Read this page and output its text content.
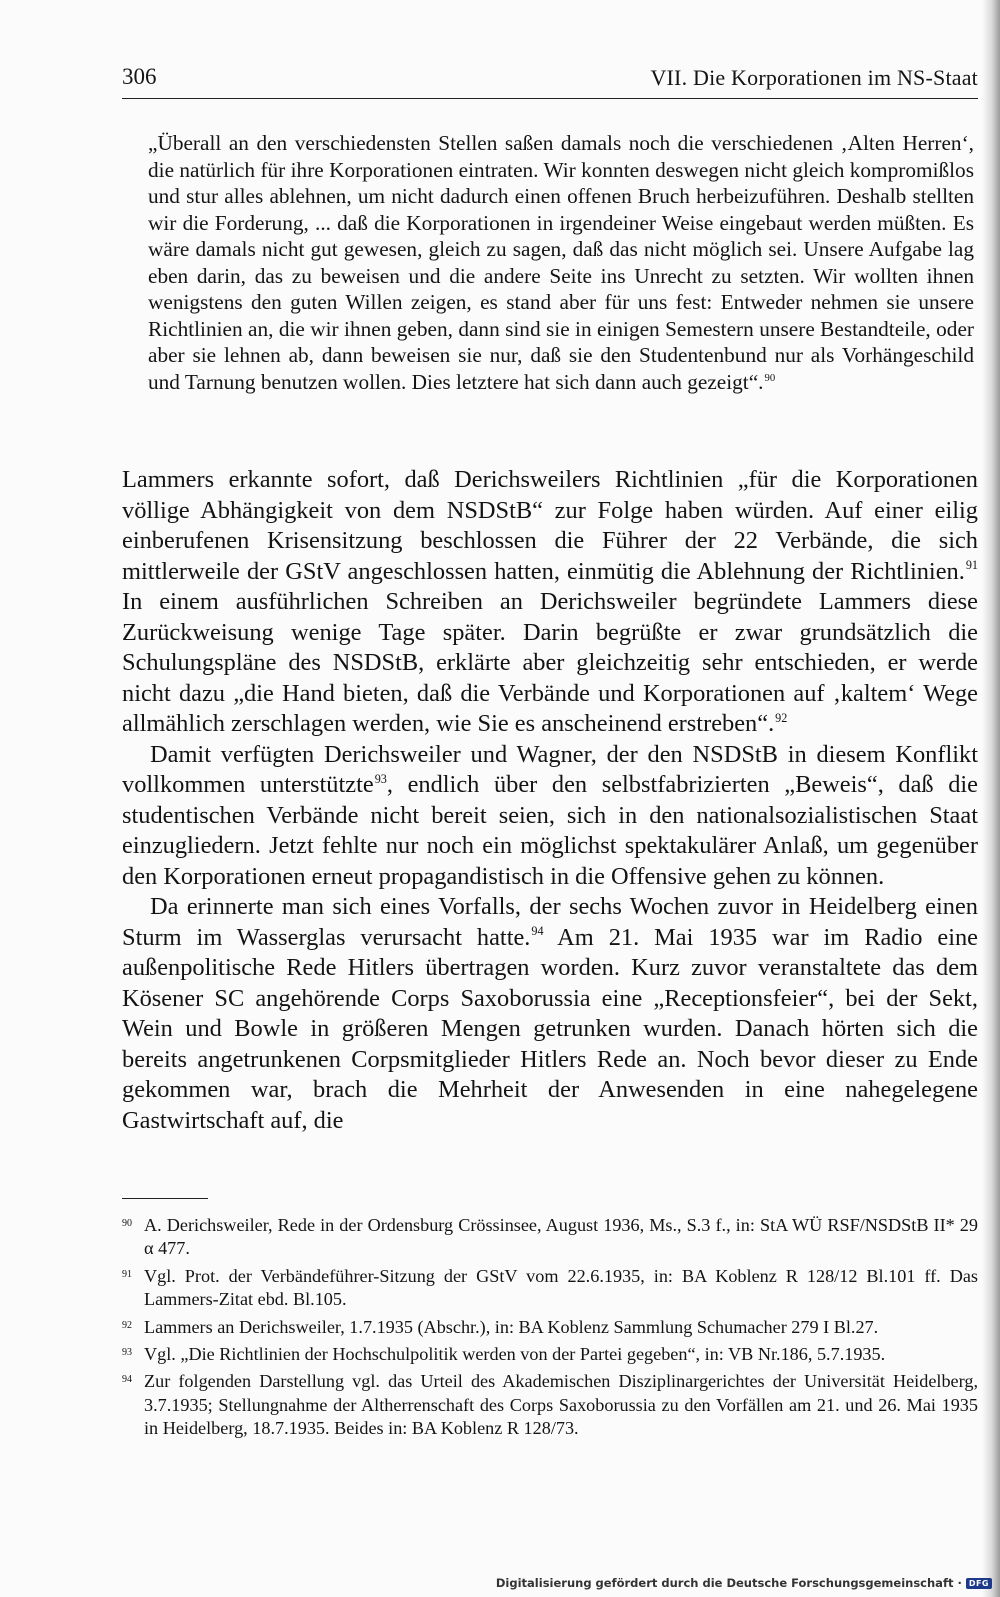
306	VII. Die Korporationen im NS-Staat

„Überall an den verschiedensten Stellen saßen damals noch die verschiedenen ‚Alten Herren‘, die natürlich für ihre Korporationen eintraten. Wir konnten deswegen nicht gleich kompromißlos und stur alles ablehnen, um nicht dadurch einen offenen Bruch herbeizuführen. Deshalb stellten wir die Forderung, ... daß die Korporationen in irgendeiner Weise eingebaut werden müßten. Es wäre damals nicht gut gewesen, gleich zu sagen, daß das nicht möglich sei. Unsere Aufgabe lag eben darin, das zu beweisen und die andere Seite ins Unrecht zu setzten. Wir wollten ihnen wenigstens den guten Willen zeigen, es stand aber für uns fest: Entweder nehmen sie unsere Richtlinien an, die wir ihnen geben, dann sind sie in einigen Semestern unsere Bestandteile, oder aber sie lehnen ab, dann beweisen sie nur, daß sie den Studentenbund nur als Vorhängeschild und Tarnung benutzen wollen. Dies letztere hat sich dann auch gezeigt“.$^{90}$

Lammers erkannte sofort, daß Derichsweilers Richtlinien „für die Korporationen völlige Abhängigkeit von dem NSDStB“ zur Folge haben würden. Auf einer eilig einberufenen Krisensitzung beschlossen die Führer der 22 Verbände, die sich mittlerweile der GStV angeschlossen hatten, einmütig die Ablehnung der Richtlinien.$^{91}$ In einem ausführlichen Schreiben an Derichsweiler begründete Lammers diese Zurückweisung wenige Tage später. Darin begrüßte er zwar grundsätzlich die Schulungspläne des NSDStB, erklärte aber gleichzeitig sehr entschieden, er werde nicht dazu „die Hand bieten, daß die Verbände und Korporationen auf ‚kaltem‘ Wege allmählich zerschlagen werden, wie Sie es anscheinend erstreben“.$^{92}$

Damit verfügten Derichsweiler und Wagner, der den NSDStB in diesem Konflikt vollkommen unterstützte$^{93}$, endlich über den selbstfabrizierten „Beweis“, daß die studentischen Verbände nicht bereit seien, sich in den nationalsozialistischen Staat einzugliedern. Jetzt fehlte nur noch ein möglichst spektakulärer Anlaß, um gegenüber den Korporationen erneut propagandistisch in die Offensive gehen zu können.

Da erinnerte man sich eines Vorfalls, der sechs Wochen zuvor in Heidelberg einen Sturm im Wasserglas verursacht hatte.$^{94}$ Am 21. Mai 1935 war im Radio eine außenpolitische Rede Hitlers übertragen worden. Kurz zuvor veranstaltete das dem Kösener SC angehörende Corps Saxoborussia eine „Receptionsfeier“, bei der Sekt, Wein und Bowle in größeren Mengen getrunken wurden. Danach hörten sich die bereits angetrunkenen Corpsmitglieder Hitlers Rede an. Noch bevor dieser zu Ende gekommen war, brach die Mehrheit der Anwesenden in eine nahegelegene Gastwirtschaft auf, die

90 A. Derichsweiler, Rede in der Ordensburg Crössinsee, August 1936, Ms., S.3 f., in: StA WÜ RSF/NSDStB II* 29 α 477.
91 Vgl. Prot. der Verbändeführer-Sitzung der GStV vom 22.6.1935, in: BA Koblenz R 128/12 Bl.101 ff. Das Lammers-Zitat ebd. Bl.105.
92 Lammers an Derichsweiler, 1.7.1935 (Abschr.), in: BA Koblenz Sammlung Schumacher 279 I Bl.27.
93 Vgl. „Die Richtlinien der Hochschulpolitik werden von der Partei gegeben“, in: VB Nr.186, 5.7.1935.
94 Zur folgenden Darstellung vgl. das Urteil des Akademischen Disziplinargerichtes der Universität Heidelberg, 3.7.1935; Stellungnahme der Altherrenschaft des Corps Saxoborussia zu den Vorfällen am 21. und 26. Mai 1935 in Heidelberg, 18.7.1935. Beides in: BA Koblenz R 128/73.
Digitalisierung gefördert durch die Deutsche Forschungsgemeinschaft · DFG
